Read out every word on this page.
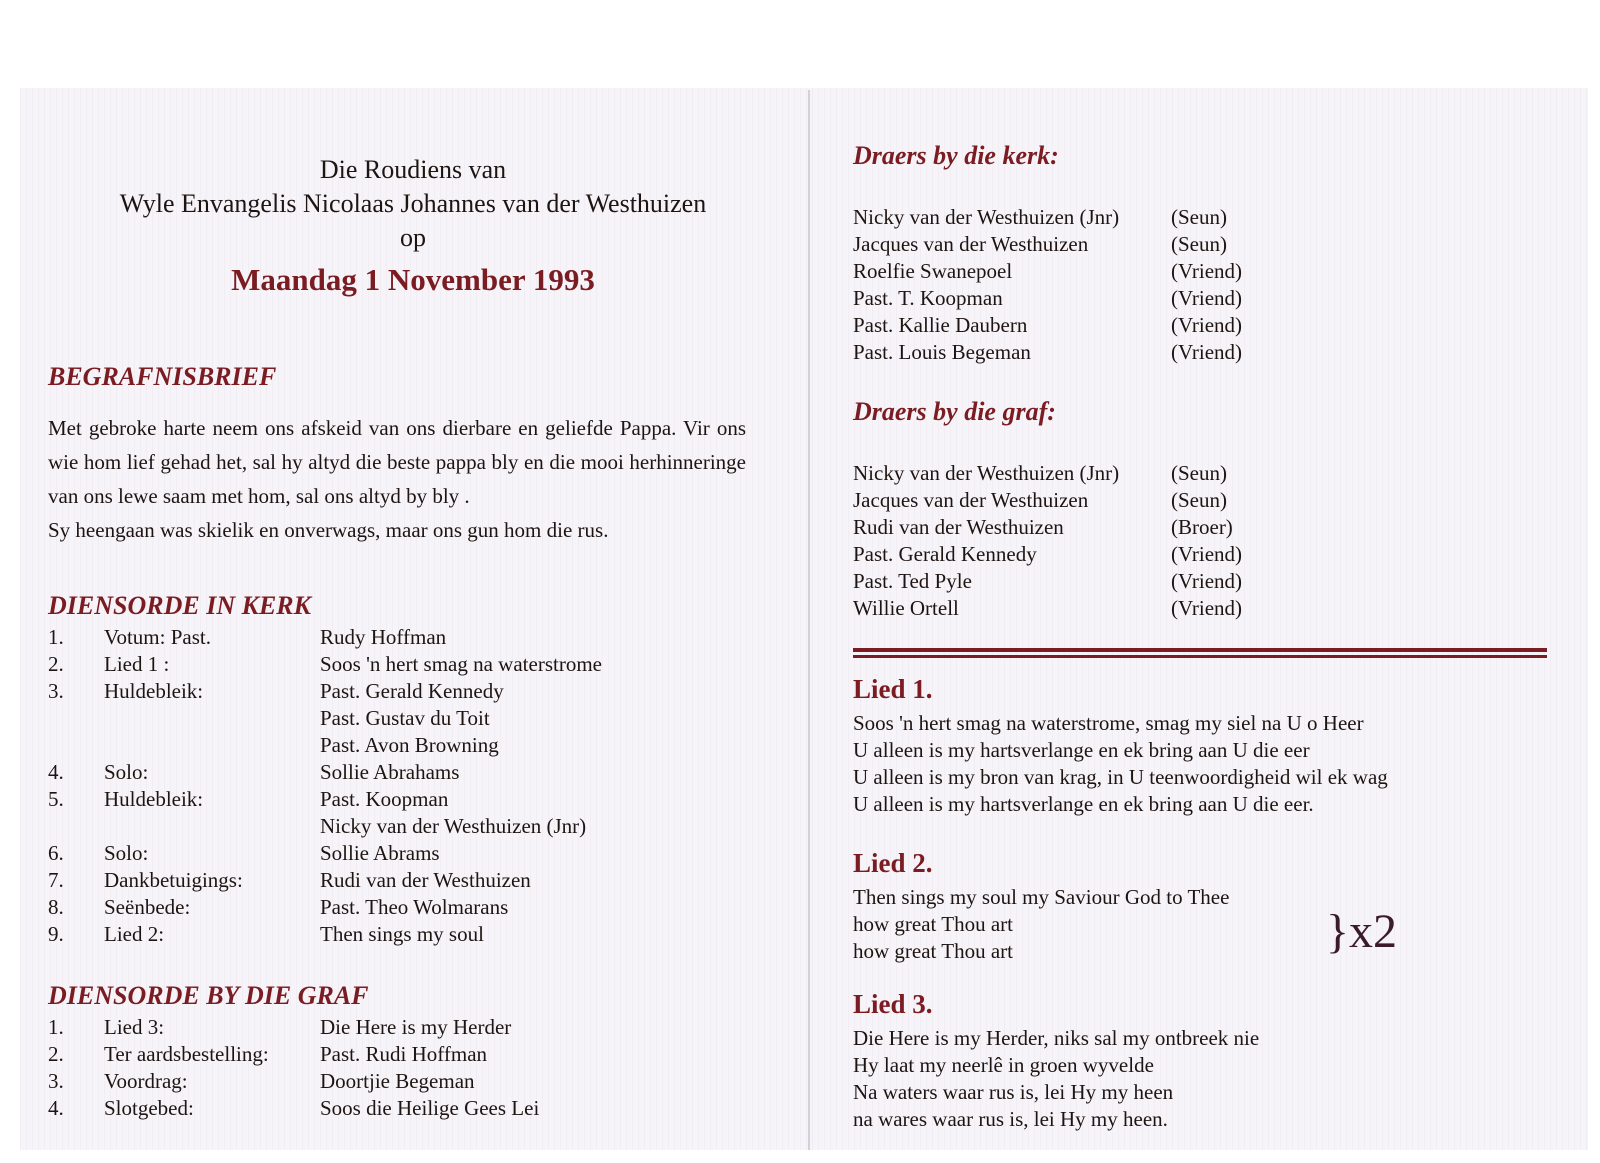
Die Roudiens van
Wyle Envangelis Nicolaas Johannes van der Westhuizen
op
Maandag 1 November 1993
BEGRAFNISBRIEF

Met gebroke harte neem ons afskeid van ons dierbare en geliefde Pappa. Vir ons wie hom lief gehad het, sal hy altyd die beste pappa bly en die mooi herhinneringe van ons lewe saam met hom, sal ons altyd by bly .

Sy heengaan was skielik en onverwags, maar ons gun hom die rus.

DIENSORDE IN KERK
1. Votum: Past.	Rudy Hoffman
2. Lied 1 :	Soos 'n hert smag na waterstrome
3. Huldebleik:	Past. Gerald Kennedy
Past. Gustav du Toit
Past. Avon Browning
4. Solo:	Sollie Abrahams
5. Huldebleik:	Past. Koopman
Nicky van der Westhuizen (Jnr)
6. Solo:	Sollie Abrams
7. Dankbetuigings:	Rudi van der Westhuizen
8. Seënbede:	Past. Theo Wolmarans
9. Lied 2:	Then sings my soul
DIENSORDE BY DIE GRAF
1. Lied 3:	Die Here is my Herder
2. Ter aardsbestelling: Past. Rudi Hoffman
3. Voordrag:	Doortjie Begeman
4. Slotgebed:	Soos die Heilige Gees Lei
Draers by die kerk:
Nicky van der Westhuizen (Jnr) (Seun)
Jacques van der Westhuizen	(Seun)
Roelfie Swanepoel	(Vriend)
Past. T. Koopman	(Vriend)
Past. Kallie Daubern	(Vriend)
Past. Louis Begeman	(Vriend)
Draers by die graf:
Nicky van der Westhuizen (Jnr) (Seun)
Jacques van der Westhuizen	(Seun)
Rudi van der Westhuizen	(Broer)
Past. Gerald Kennedy	(Vriend)
Past. Ted Pyle	(Vriend)
Willie Ortell	(Vriend)
Lied 1.
Soos 'n hert smag na waterstrome, smag my siel na U o Heer
U alleen is my hartsverlange en ek bring aan U die eer
U alleen is my bron van krag, in U teenwoordigheid wil ek wag
U alleen is my hartsverlange en ek bring aan U die eer.
Lied 2.
Then sings my soul my Saviour God to Thee
how great Thou art
how great Thou art	}x2
Lied 3.
Die Here is my Herder, niks sal my ontbreek nie
Hy laat my neerlê in groen wyvelde
Na waters waar rus is, lei Hy my heen
na wares waar rus is, lei Hy my heen.
